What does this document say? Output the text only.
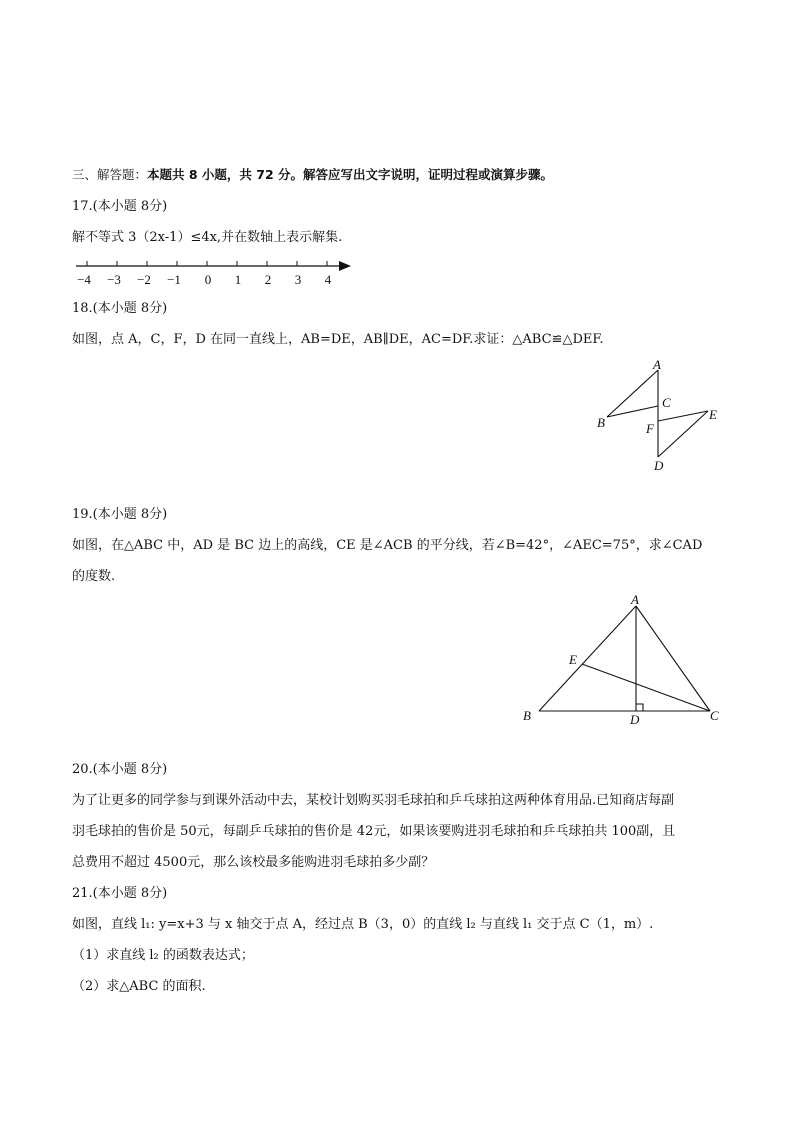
三、解答题：本题共 8 小题，共 72 分。解答应写出文字说明，证明过程或演算步骤。
17.(本小题 8分)
解不等式 3（2x-1）≤4x,并在数轴上表示解集.
−4 −3 −2 −1 0 1 2 3 4
18.(本小题 8分)
如图，点 A，C，F，D 在同一直线上，AB=DE，AB∥DE，AC=DF.求证：△ABC≌△DEF.
A
B
C
F
E
D
19.(本小题 8分)
如图，在△ABC 中，AD 是 BC 边上的高线，CE 是∠ACB 的平分线，若∠B=42°，∠AEC=75°，求∠CAD
的度数.
A
E
B	D	C
20.(本小题 8分)
为了让更多的同学参与到课外活动中去，某校计划购买羽毛球拍和乒乓球拍这两种体育用品.已知商店每副
羽毛球拍的售价是 50元，每副乒乓球拍的售价是 42元，如果该要购进羽毛球拍和乒乓球拍共 100副，且
总费用不超过 4500元，那么该校最多能购进羽毛球拍多少副？
21.(本小题 8分)
如图，直线 l₁: y=x+3 与 x 轴交于点 A，经过点 B（3，0）的直线 l₂ 与直线 l₁ 交于点 C（1，m）.
（1）求直线 l₂ 的函数表达式；
（2）求△ABC 的面积.
